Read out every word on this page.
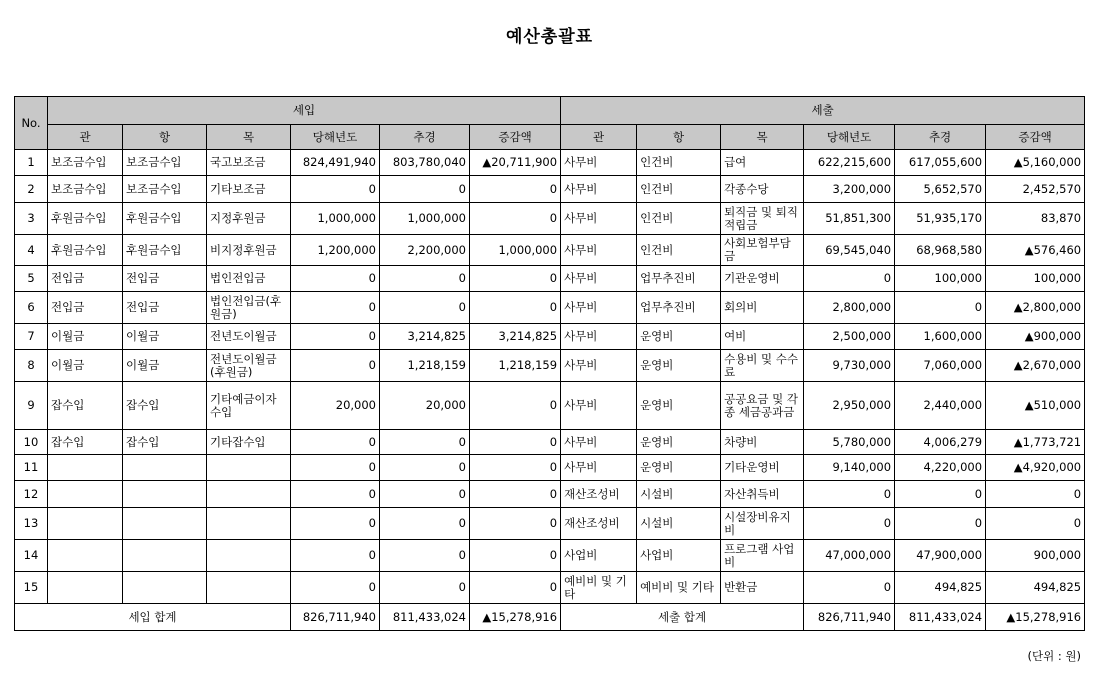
예산총괄표
No.	세입						세출					
	관	항	목	당해년도	추경	증감액	관	항	목	당해년도	추경	증감액
1	보조금수입	보조금수입	국고보조금	824,491,940	803,780,040	▲20,711,900	사무비	인건비	급여	622,215,600	617,055,600	▲5,160,000
2	보조금수입	보조금수입	기타보조금	0	0	0	사무비	인건비	각종수당	3,200,000	5,652,570	2,452,570
3	후원금수입	후원금수입	지정후원금	1,000,000	1,000,000	0	사무비	인건비	퇴직금 및 퇴직적립금	51,851,300	51,935,170	83,870
4	후원금수입	후원금수입	비지정후원금	1,200,000	2,200,000	1,000,000	사무비	인건비	사회보험부담금	69,545,040	68,968,580	▲576,460
5	전입금	전입금	법인전입금	0	0	0	사무비	업무추진비	기관운영비	0	100,000	100,000
6	전입금	전입금	법인전입금(후원금)	0	0	0	사무비	업무추진비	회의비	2,800,000	0	▲2,800,000
7	이월금	이월금	전년도이월금	0	3,214,825	3,214,825	사무비	운영비	여비	2,500,000	1,600,000	▲900,000
8	이월금	이월금	전년도이월금(후원금)	0	1,218,159	1,218,159	사무비	운영비	수용비 및 수수료	9,730,000	7,060,000	▲2,670,000
9	잡수입	잡수입	기타예금이자수입	20,000	20,000	0	사무비	운영비	공공요금 및 각종 세금공과금	2,950,000	2,440,000	▲510,000
10	잡수입	잡수입	기타잡수입	0	0	0	사무비	운영비	차량비	5,780,000	4,006,279	▲1,773,721
11				0	0	0	사무비	운영비	기타운영비	9,140,000	4,220,000	▲4,920,000
12				0	0	0	재산조성비	시설비	자산취득비	0	0	0
13				0	0	0	재산조성비	시설비	시설장비유지비	0	0	0
14				0	0	0	사업비	사업비	프로그램 사업비	47,000,000	47,900,000	900,000
15				0	0	0	예비비 및 기타	예비비 및 기타	반환금	0	494,825	494,825
세입 합계				826,711,940	811,433,024	▲15,278,916	세출 합계			826,711,940	811,433,024	▲15,278,916
(단위 : 원)
